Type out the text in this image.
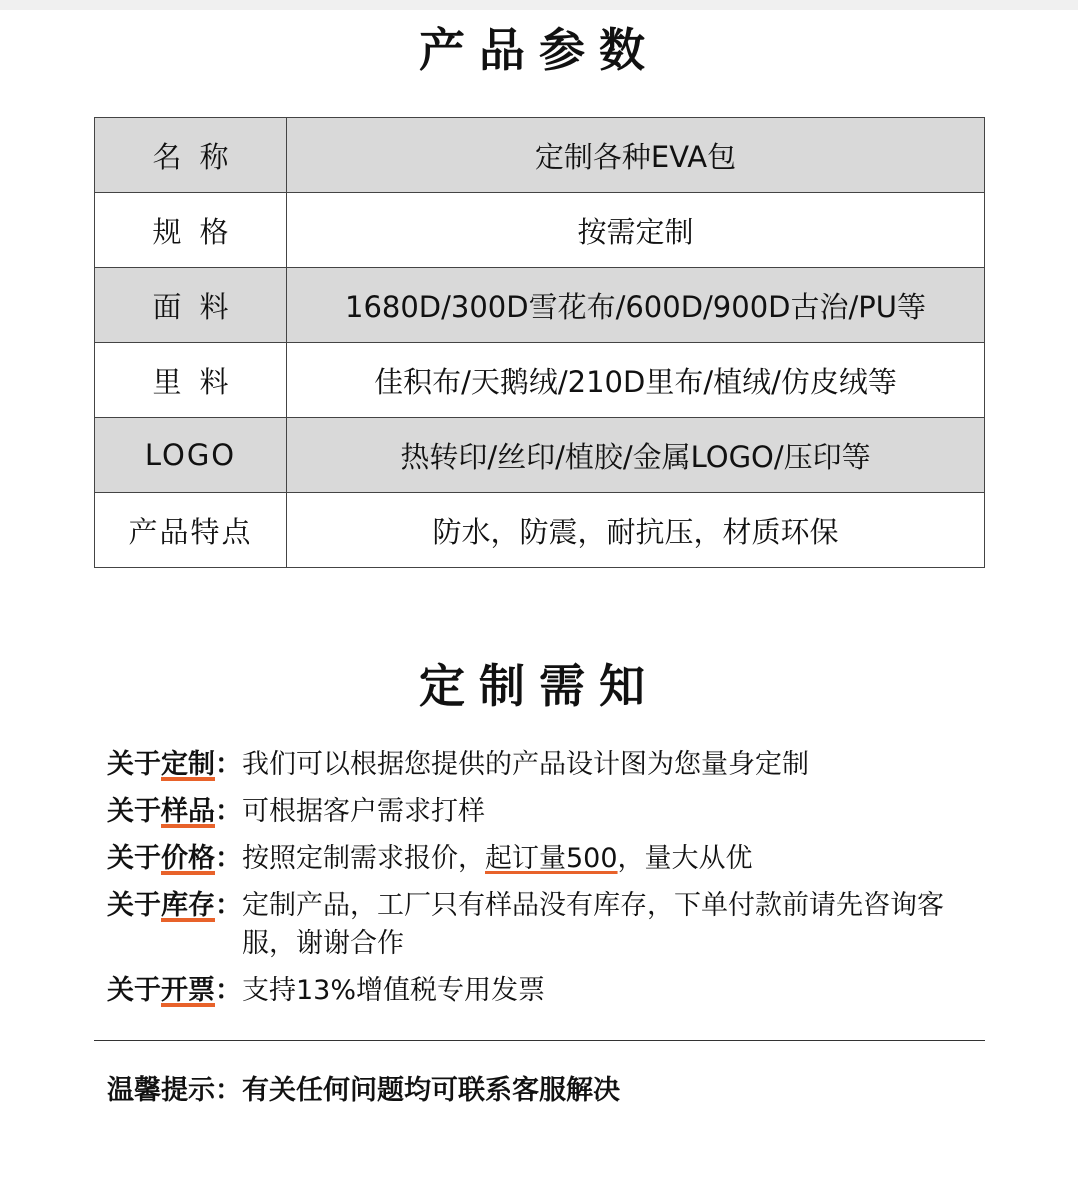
产品参数
名称	定制各种EVA包
规格	按需定制
面料	1680D/300D雪花布/600D/900D古治/PU等
里料	佳积布/天鹅绒/210D里布/植绒/仿皮绒等
LOGO	热转印/丝印/植胶/金属LOGO/压印等
产品特点	防水，防震，耐抗压，材质环保
定制需知
关于定制： 我们可以根据您提供的产品设计图为您量身定制
关于样品： 可根据客户需求打样
关于价格： 按照定制需求报价，起订量500，量大从优
关于库存： 定制产品，工厂只有样品没有库存，下单付款前请先咨询客服，谢谢合作
关于开票： 支持13%增值税专用发票
温馨提示：有关任何问题均可联系客服解决
